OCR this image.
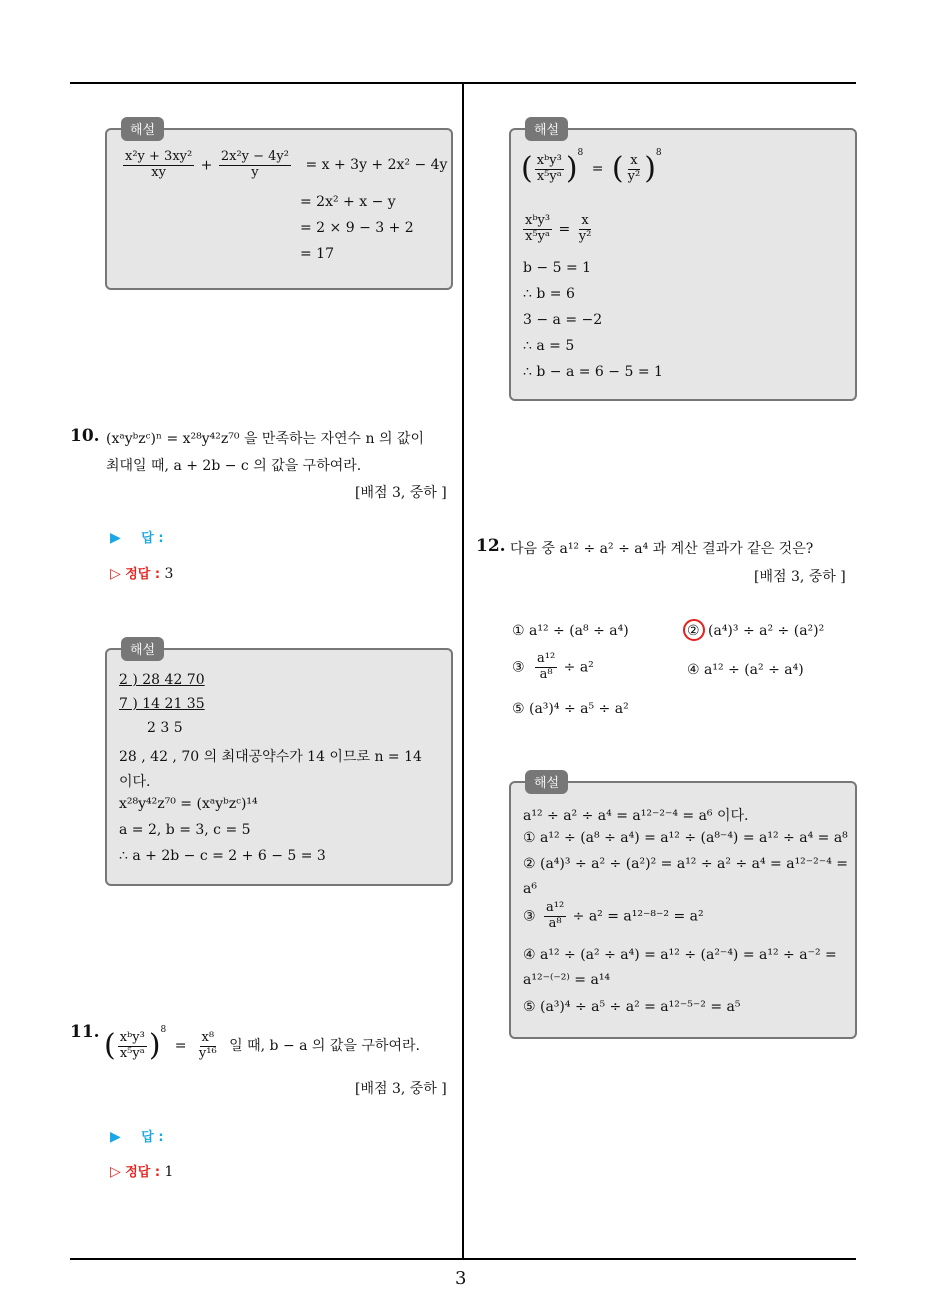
3
해설
$\frac{\text{x²y + 3xy²}}{xy} + \frac{\text{2x²y − 4y²}}{y} = x + 3y + 2x^2 - 4y$
= 2x² + x − y
= 2 × 9 − 3 + 2
= 17
10. (xᵃyᵇzᶜ)ⁿ = x²⁸y⁴²z⁷⁰ 을 만족하는 자연수 n 의 값이
최대일 때, a + 2b − c 의 값을 구하여라.
[배점 3, 중하 ]
▶ 답 :
▷ 정답 : 3
해설
2 ) 28 42 70
7 ) 14 21 35
2 3 5
28 , 42 , 70 의 최대공약수가 14 이므로 n = 14
이다.
x²⁸y⁴²z⁷⁰ = (xᵃyᵇzᶜ)¹⁴
a = 2, b = 3, c = 5
∴ a + 2b − c = 2 + 6 − 5 = 3
11. ( $\frac{\text{xᵇy³}}{\text{x⁵yᵃ}} )^8 = \frac{\text{x⁸}}{\text{y¹⁶}}$ 일 때, b − a 의 값을 구하여라.
[배점 3, 중하 ]
▶ 답 :
▷ 정답 : 1
해설
( $\frac{\text{xᵇy³}}{\text{x⁵yᵃ}} )^8$ = ( $\frac{x}{\text{y²}} )^8$
$\frac{\text{xᵇy³}}{\text{x⁵yᵃ}} = \frac{x}{\text{y²}}$
b − 5 = 1
∴ b = 6
3 − a = −2
∴ a = 5
∴ b − a = 6 − 5 = 1
12. 다음 중 a¹² ÷ a² ÷ a⁴ 과 계산 결과가 같은 것은?
[배점 3, 중하 ]
① a¹² ÷ (a⁸ ÷ a⁴)	② (a⁴)³ ÷ a² ÷ (a²)²
③ $\frac{\text{a¹²}}{\text{a⁸}} \div a^2$	④ a¹² ÷ (a² ÷ a⁴)
⑤ (a³)⁴ ÷ a⁵ ÷ a²
해설
a¹² ÷ a² ÷ a⁴ = a¹²⁻²⁻⁴ = a⁶ 이다.
① a¹² ÷ (a⁸ ÷ a⁴) = a¹² ÷ (a⁸⁻⁴) = a¹² ÷ a⁴ = a⁸
② (a⁴)³ ÷ a² ÷ (a²)² = a¹² ÷ a² ÷ a⁴ = a¹²⁻²⁻⁴ =
a⁶
③ $\frac{\text{a¹²}}{\text{a⁸}} \div a^2 = a^{12-8-2} = a^2$
④ a¹² ÷ (a² ÷ a⁴) = a¹² ÷ (a²⁻⁴) = a¹² ÷ a⁻² =
a¹²⁻⁽⁻²⁾ = a¹⁴
⑤ (a³)⁴ ÷ a⁵ ÷ a² = a¹²⁻⁵⁻² = a⁵
